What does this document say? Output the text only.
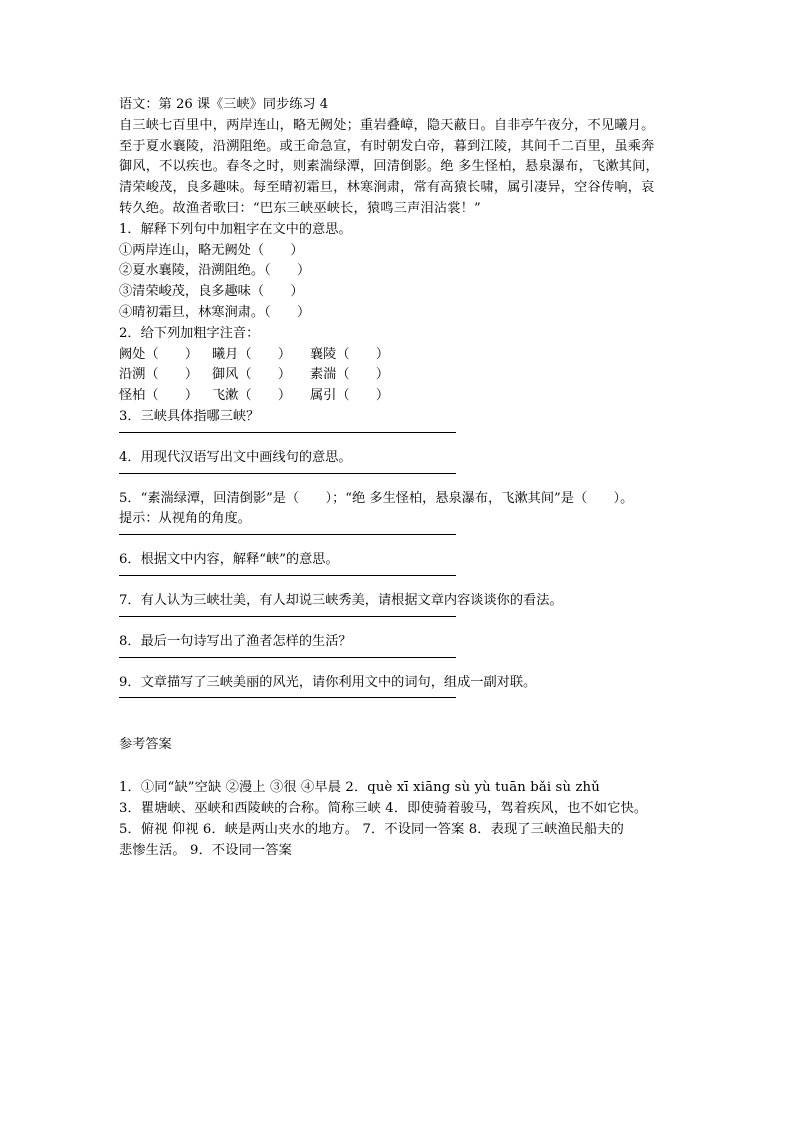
语文：第 26 课《三峡》同步练习 4
自三峡七百里中，两岸连山，略无阙处；重岩叠嶂，隐天蔽日。自非亭午夜分，不见曦月。
至于夏水襄陵，沿溯阻绝。或王命急宣，有时朝发白帝，暮到江陵，其间千二百里，虽乘奔
御风，不以疾也。春冬之时，则素湍绿潭，回清倒影。绝 多生怪柏，悬泉瀑布，飞漱其间，
清荣峻茂，良多趣味。每至晴初霜旦，林寒涧肃，常有高猿长啸，属引凄异，空谷传响，哀
转久绝。故渔者歌曰：“巴东三峡巫峡长，猿鸣三声泪沾裳！”
1．解释下列句中加粗字在文中的意思。
①两岸连山，略无阙处（　　）
②夏水襄陵，沿溯阻绝。（　　）
③清荣峻茂，良多趣味（　　）
④晴初霜旦，林寒涧肃。（　　）
2．给下列加粗字注音：
阙处（　　） 曦月（　　） 襄陵（　　）
沿溯（　　） 御风（　　） 素湍（　　）
怪柏（　　） 飞漱（　　） 属引（　　）
3．三峡具体指哪三峡？
4．用现代汉语写出文中画线句的意思。
5．“素湍绿潭，回清倒影”是（　　）；“绝 多生怪柏，悬泉瀑布，飞漱其间”是（　　）。
提示：从视角的角度。
6．根据文中内容，解释“峡”的意思。
7．有人认为三峡壮美，有人却说三峡秀美，请根据文章内容谈谈你的看法。
8．最后一句诗写出了渔者怎样的生活？
9．文章描写了三峡美丽的风光，请你利用文中的词句，组成一副对联。
参考答案
1．①同“缺”空缺 ②漫上 ③很 ④早晨 2．què xī xiāng sù yù tuān bǎi sù zhǔ
3．瞿塘峡、巫峡和西陵峡的合称。简称三峡 4．即使骑着骏马，驾着疾风，也不如它快。
5．俯视 仰视 6．峡是两山夹水的地方。 7．不设同一答案 8．表现了三峡渔民船夫的
悲惨生活。 9．不设同一答案
